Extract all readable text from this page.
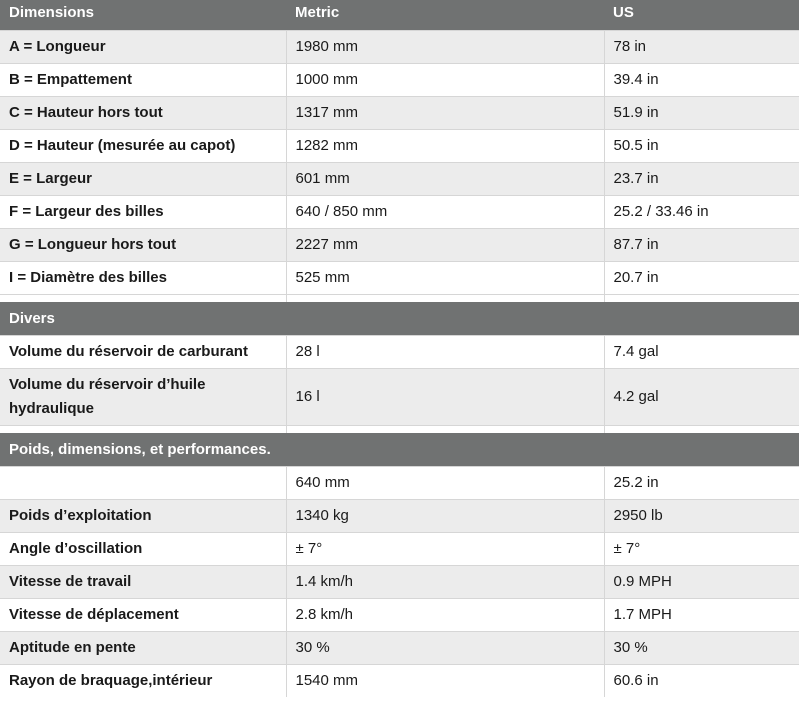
Dimensions	Metric	US
A = Longueur	1980 mm	78 in
B = Empattement	1000 mm	39.4 in
C = Hauteur hors tout	1317 mm	51.9 in
D = Hauteur (mesurée au capot)	1282 mm	50.5 in
E = Largeur	601 mm	23.7 in
F = Largeur des billes	640 / 850 mm	25.2 / 33.46 in
G = Longueur hors tout	2227 mm	87.7 in
I = Diamètre des billes	525 mm	20.7 in

Divers		
Volume du réservoir de carburant	28 l	7.4 gal
Volume du réservoir d’huile hydraulique	16 l	4.2 gal

Poids, dimensions, et performances.		
	640 mm	25.2 in
Poids d’exploitation	1340 kg	2950 lb
Angle d’oscillation	± 7°	± 7°
Vitesse de travail	1.4 km/h	0.9 MPH
Vitesse de déplacement	2.8 km/h	1.7 MPH
Aptitude en pente	30 %	30 %
Rayon de braquage,intérieur	1540 mm	60.6 in
